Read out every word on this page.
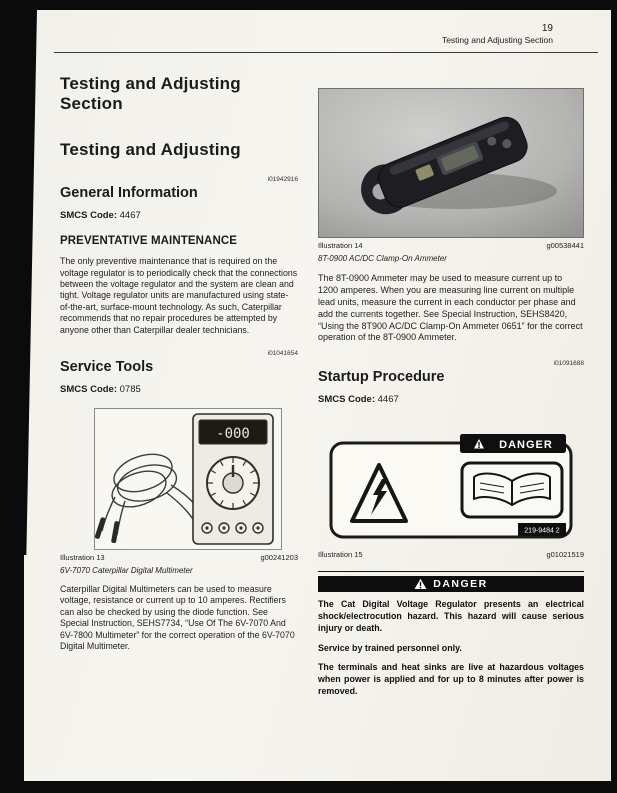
19
Testing and Adjusting Section
Testing and Adjusting Section
Testing and Adjusting
i01942916
General Information

SMCS Code: 4467

PREVENTATIVE MAINTENANCE

The only preventive maintenance that is required on the voltage regulator is to periodically check that the connections between the voltage regulator and the system are clean and tight. Voltage regulator units are manufactured using state-of-the-art, surface-mount technology. As such, Caterpillar recommends that no repair procedures be attempted by anyone other than Caterpillar dealer technicians.

i01041654
Service Tools

SMCS Code: 0785

-000
Illustration 13	g00241203
6V-7070 Caterpillar Digital Multimeter

Caterpillar Digital Multimeters can be used to measure voltage, resistance or current up to 10 amperes. Rectifiers can also be checked by using the diode function. See Special Instruction, SEHS7734, “Use Of The 6V-7070 And 6V-7800 Multimeter” for the correct operation of the 6V-7070 Digital Multimeter.

Illustration 14	g00538441
8T-0900 AC/DC Clamp-On Ammeter

The 8T-0900 Ammeter may be used to measure current up to 1200 amperes. When you are measuring line current on multiple lead units, measure the current in each conductor per phase and add the currents together. See Special Instruction, SEHS8420, “Using the 8T900 AC/DC Clamp-On Ammeter 0651” for the correct operation of the 8T-0900 Ammeter.

i01091688
Startup Procedure

SMCS Code: 4467

DANGER
219-9484 2
Illustration 15	g01021519
DANGER

The Cat Digital Voltage Regulator presents an electrical shock/electrocution hazard. This hazard will cause serious injury or death.

Service by trained personnel only.

The terminals and heat sinks are live at hazardous voltages when power is applied and for up to 8 minutes after power is removed.
